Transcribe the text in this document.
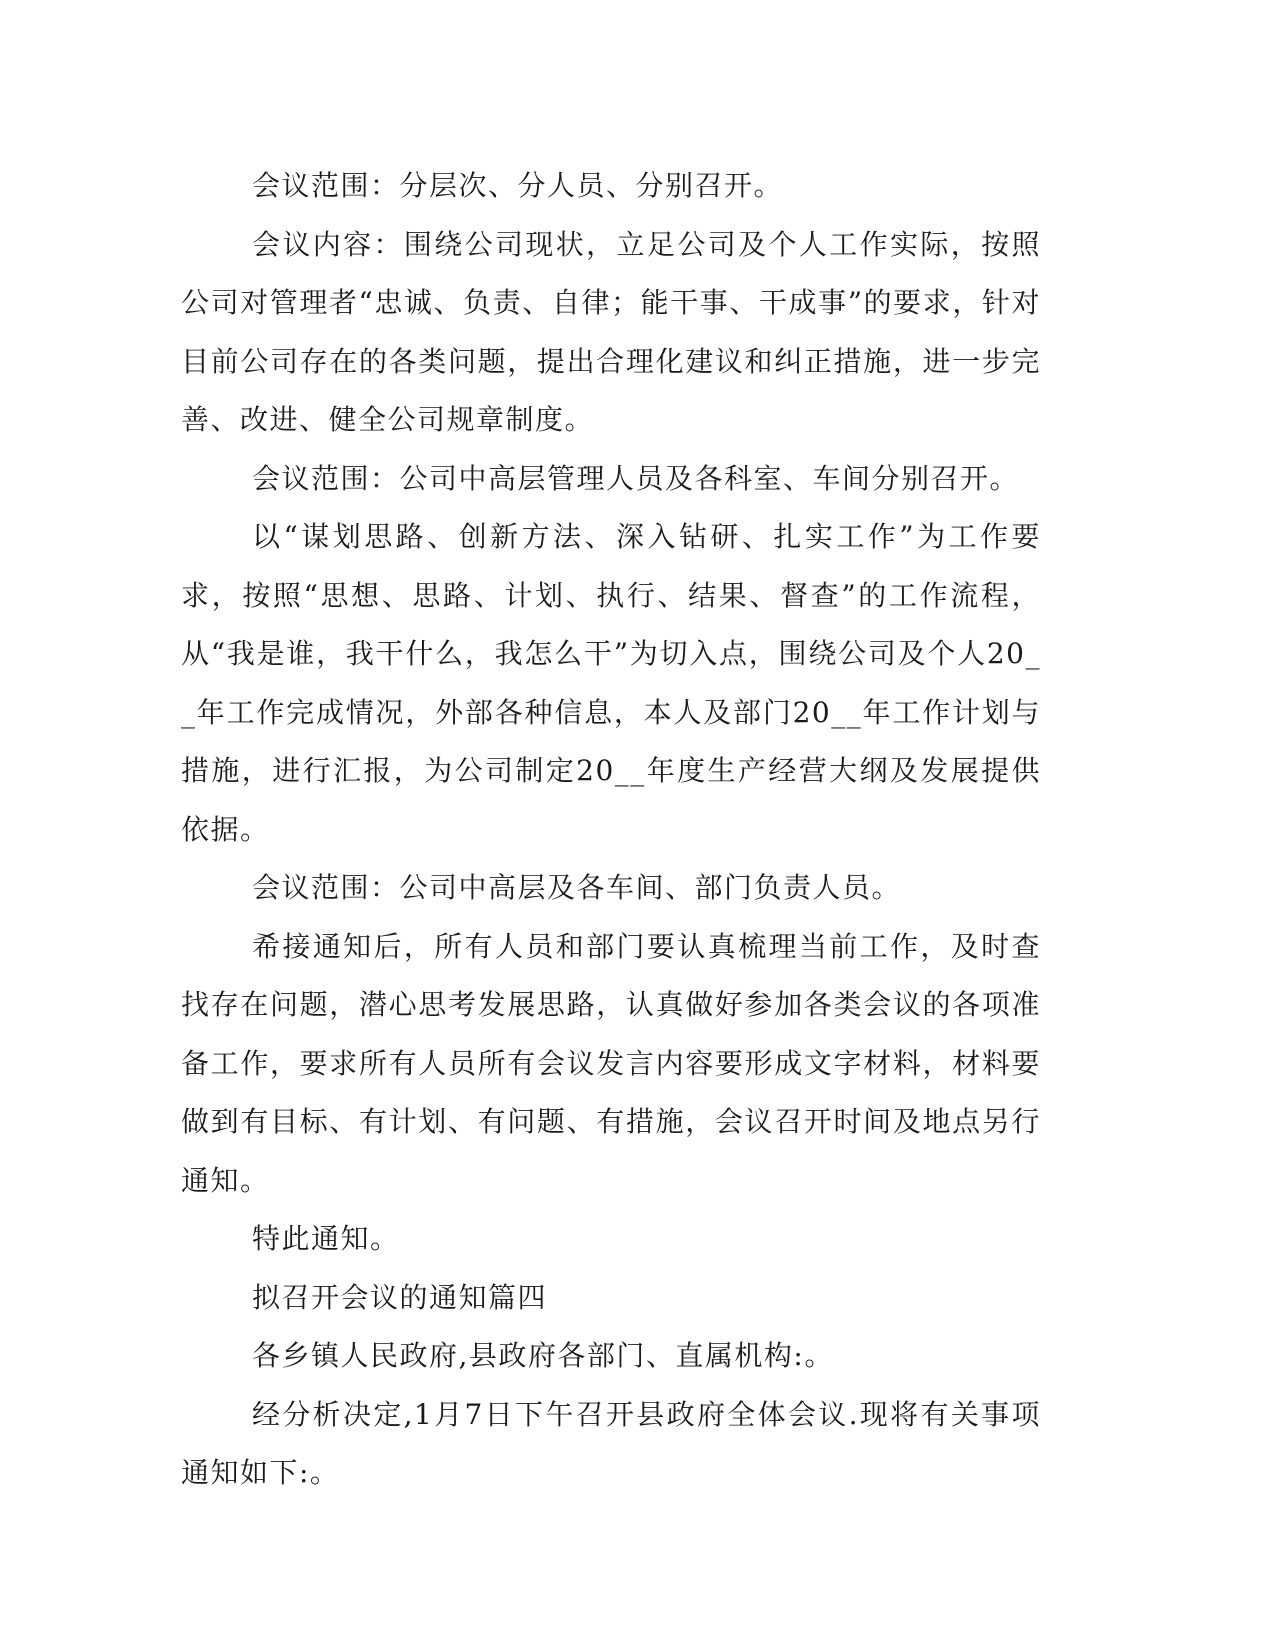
会议范围：分层次、分人员、分别召开。

会议内容：围绕公司现状，立足公司及个人工作实际，按照公司对管理者“忠诚、负责、自律；能干事、干成事”的要求，针对目前公司存在的各类问题，提出合理化建议和纠正措施，进一步完善、改进、健全公司规章制度。

会议范围：公司中高层管理人员及各科室、车间分别召开。

以“谋划思路、创新方法、深入钻研、扎实工作”为工作要求，按照“思想、思路、计划、执行、结果、督查”的工作流程，从“我是谁，我干什么，我怎么干”为切入点，围绕公司及个人20__年工作完成情况，外部各种信息，本人及部门20__年工作计划与措施，进行汇报，为公司制定20__年度生产经营大纲及发展提供依据。

会议范围：公司中高层及各车间、部门负责人员。

希接通知后，所有人员和部门要认真梳理当前工作，及时查找存在问题，潜心思考发展思路，认真做好参加各类会议的各项准备工作，要求所有人员所有会议发言内容要形成文字材料，材料要做到有目标、有计划、有问题、有措施，会议召开时间及地点另行通知。

特此通知。

拟召开会议的通知篇四

各乡镇人民政府,县政府各部门、直属机构:。

经分析决定,1月7日下午召开县政府全体会议.现将有关事项通知如下:。
